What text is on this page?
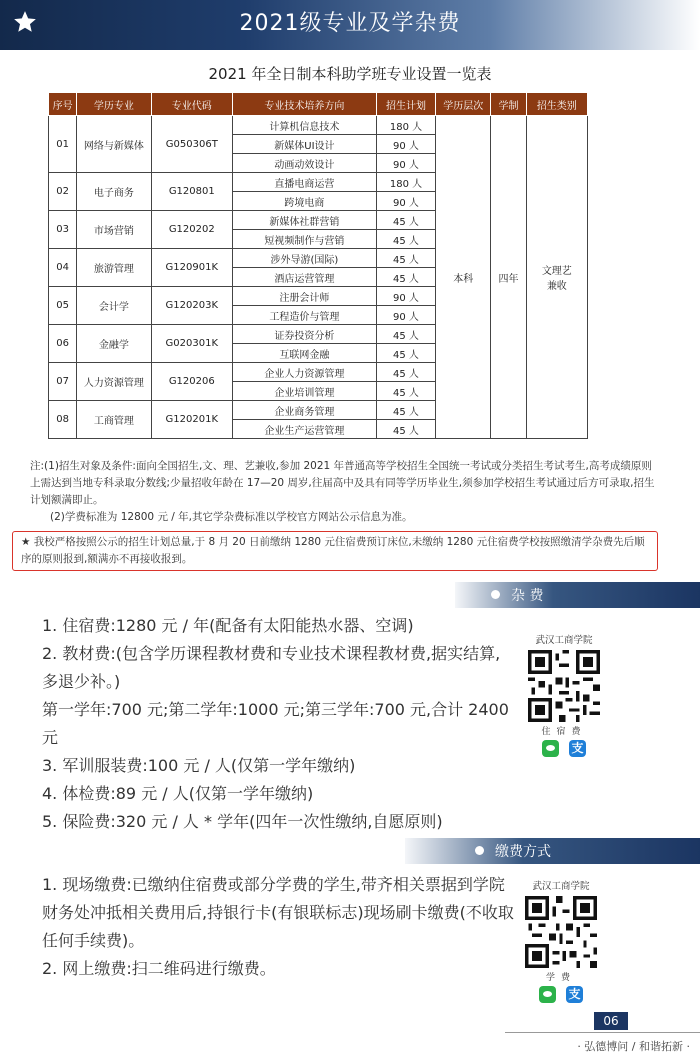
2021级专业及学杂费
2021 年全日制本科助学班专业设置一览表
序号	学历专业	专业代码	专业技术培养方向	招生计划	学历层次	学制	招生类别
01	网络与新媒体	G050306T	计算机信息技术	180 人	本科	四年	文理艺
兼收
			新媒体UI设计	90 人			
			动画动效设计	90 人			
02	电子商务	G120801	直播电商运营	180 人			
			跨境电商	90 人			
03	市场营销	G120202	新媒体社群营销	45 人			
			短视频制作与营销	45 人			
04	旅游管理	G120901K	涉外导游(国际)	45 人			
			酒店运营管理	45 人			
05	会计学	G120203K	注册会计师	90 人			
			工程造价与管理	90 人			
06	金融学	G020301K	证券投资分析	45 人			
			互联网金融	45 人			
07	人力资源管理	G120206	企业人力资源管理	45 人			
			企业培训管理	45 人			
08	工商管理	G120201K	企业商务管理	45 人			
			企业生产运营管理	45 人			

注:(1)招生对象及条件:面向全国招生,文、理、艺兼收,参加 2021 年普通高等学校招生全国统一考试或分类招生考试考生,高考成绩原则上需达到当地专科录取分数线;少量招收年龄在 17—20 周岁,往届高中及具有同等学历毕业生,须参加学校招生考试通过后方可录取,招生计划额满即止。

(2)学费标准为 12800 元 / 年,其它学杂费标准以学校官方网站公示信息为准。

★ 我校严格按照公示的招生计划总量,于 8 月 20 日前缴纳 1280 元住宿费预订床位,未缴纳 1280 元住宿费学校按照缴清学杂费先后顺序的原则报到,额满亦不再接收报到。
杂 费

1. 住宿费:1280 元 / 年(配备有太阳能热水器、空调)

2. 教材费:(包含学历课程教材费和专业技术课程教材费,据实结算,多退少补。)

第一学年:700 元;第二学年:1000 元;第三学年:700 元,合计 2400 元

3. 军训服装费:100 元 / 人(仅第一学年缴纳)

4. 体检费:89 元 / 人(仅第一学年缴纳)

5. 保险费:320 元 / 人 * 学年(四年一次性缴纳,自愿原则)

武汉工商学院
住宿费
支
缴费方式

1. 现场缴费:已缴纳住宿费或部分学费的学生,带齐相关票据到学院财务处冲抵相关费用后,持银行卡(有银联标志)现场刷卡缴费(不收取任何手续费)。

2. 网上缴费:扫二维码进行缴费。

武汉工商学院
学费
支
06
· 弘德博问 / 和谐拓新 ·
